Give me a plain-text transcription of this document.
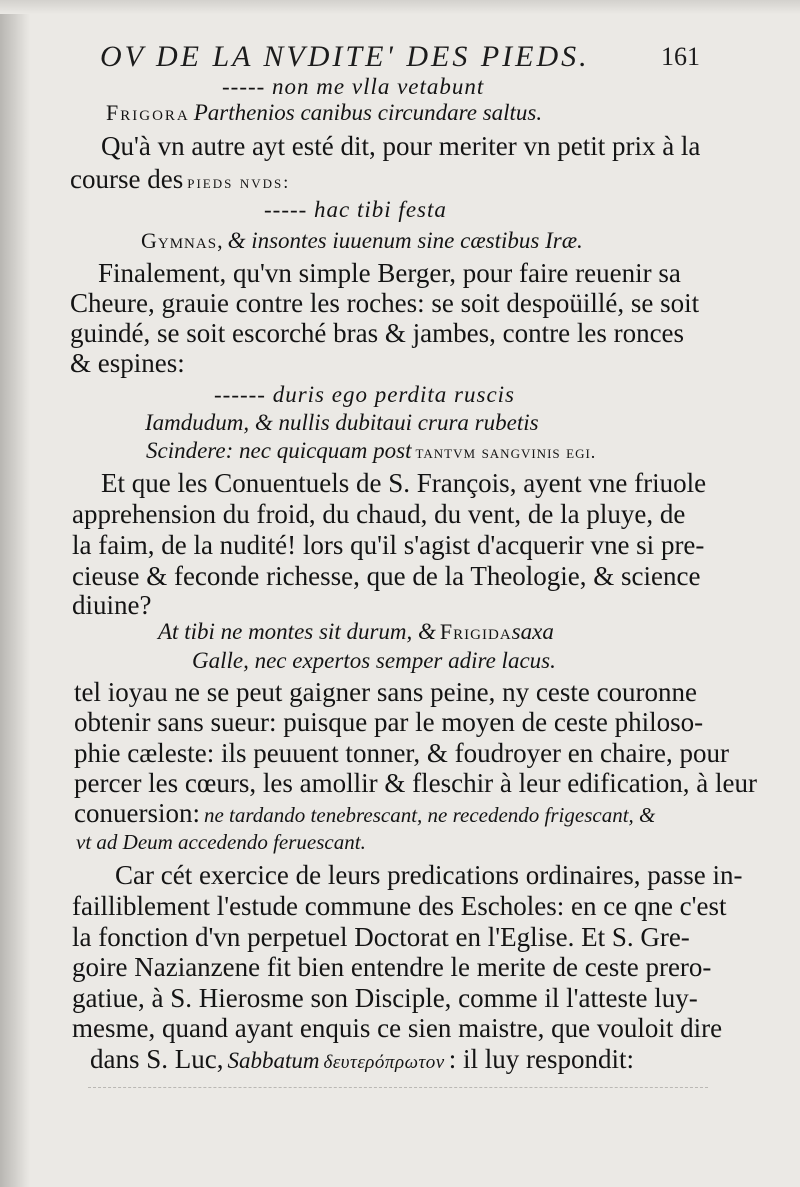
OV DE LA NVDITE' DES PIEDS.	161
----- non me vlla vetabunt
Frigora Parthenios canibus circundare saltus.
Qu'à vn autre ayt esté dit, pour meriter vn petit prix à la
course des pieds nvds:
----- hac tibi festa
Gymnas, & insontes iuuenum sine cæstibus Iræ.
Finalement, qu'vn simple Berger, pour faire reuenir sa
Cheure, grauie contre les roches: se soit despoüillé, se soit
guindé, se soit escorché bras & jambes, contre les ronces
& espines:
------ duris ego perdita ruscis
Iamdudum, & nullis dubitaui crura rubetis
Scindere: nec quicquam post tantvm sangvinis egi.
Et que les Conuentuels de S. François, ayent vne friuole
apprehension du froid, du chaud, du vent, de la pluye, de
la faim, de la nudité! lors qu'il s'agist d'acquerir vne si pre-
cieuse & feconde richesse, que de la Theologie, & science
diuine?
At tibi ne montes sit durum, & Frigidasaxa
Galle, nec expertos semper adire lacus.
tel ioyau ne se peut gaigner sans peine, ny ceste couronne
obtenir sans sueur: puisque par le moyen de ceste philoso-
phie cæleste: ils peuuent tonner, & foudroyer en chaire, pour
percer les cœurs, les amollir & fleschir à leur edification, à leur
conuersion: ne tardando tenebrescant, ne recedendo frigescant, &
vt ad Deum accedendo feruescant.
Car cét exercice de leurs predications ordinaires, passe in-
failliblement l'estude commune des Escholes: en ce qne c'est
la fonction d'vn perpetuel Doctorat en l'Eglise. Et S. Gre-
goire Nazianzene fit bien entendre le merite de ceste prero-
gatiue, à S. Hierosme son Disciple, comme il l'atteste luy-
mesme, quand ayant enquis ce sien maistre, que vouloit dire
dans S. Luc, Sabbatum δευτερόπρωτον : il luy respondit:
